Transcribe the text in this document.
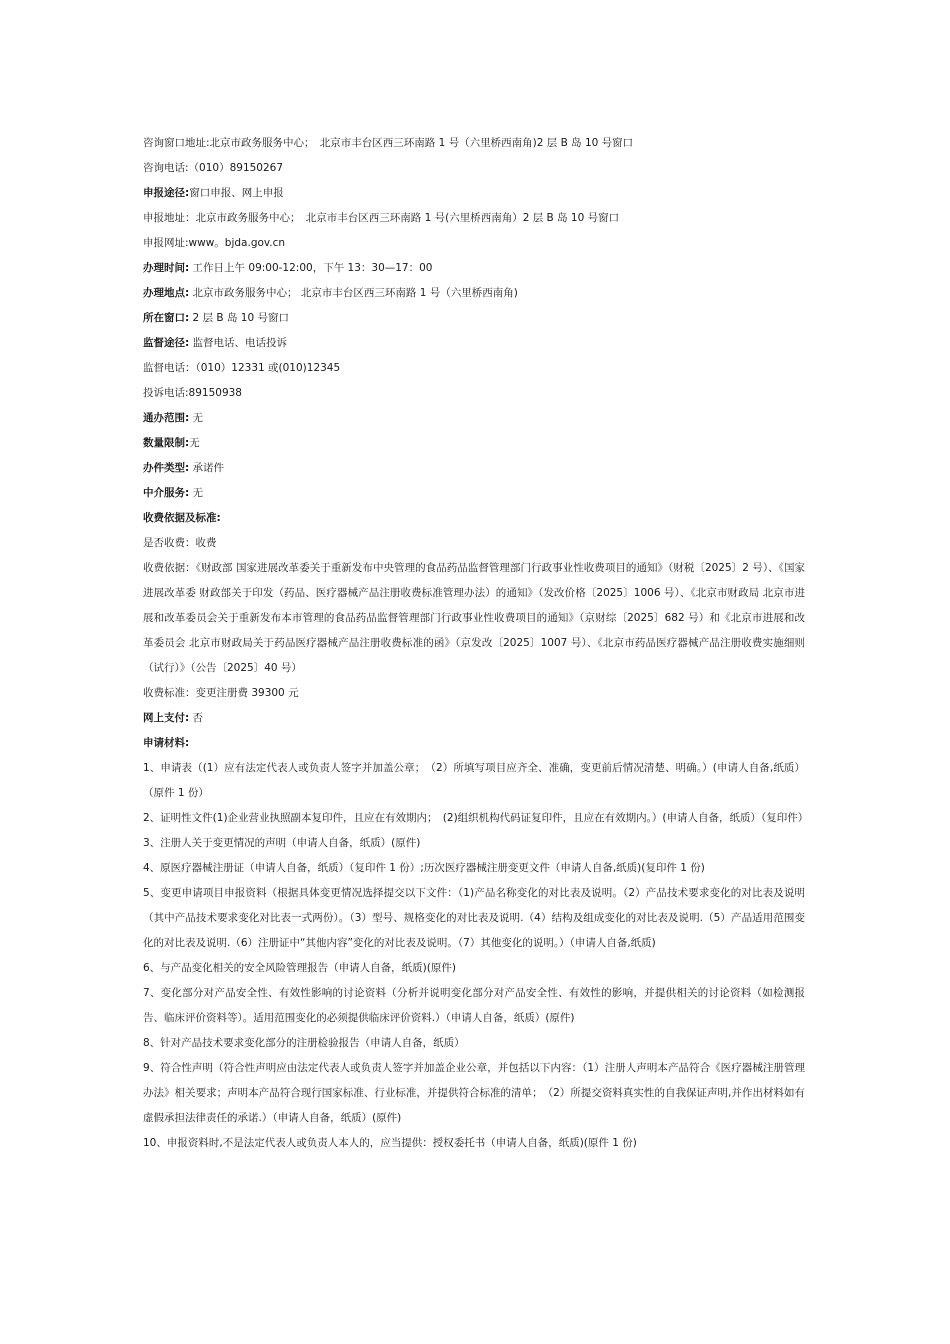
咨询窗口地址:北京市政务服务中心；　北京市丰台区西三环南路 1 号（六里桥西南角)2 层 B 岛 10 号窗口
咨询电话:（010）89150267
申报途径:窗口申报、网上申报
申报地址：北京市政务服务中心；　北京市丰台区西三环南路 1 号(六里桥西南角）2 层 B 岛 10 号窗口
申报网址:www。bjda.gov.cn
办理时间: 工作日上午 09:00-12:00，下午 13：30—17：00
办理地点: 北京市政务服务中心； 北京市丰台区西三环南路 1 号（六里桥西南角)
所在窗口: 2 层 B 岛 10 号窗口
监督途径: 监督电话、电话投诉
监督电话：（010）12331 或(010)12345
投诉电话:89150938
通办范围: 无
数量限制:无
办件类型: 承诺件
中介服务: 无
收费依据及标准:
是否收费：收费
收费依据：《财政部 国家进展改革委关于重新发布中央管理的食品药品监督管理部门行政事业性收费项目的通知》（财税〔2025〕2 号）、《国家进展改革委 财政部关于印发（药品、医疗器械产品注册收费标准管理办法）的通知》（发改价格〔2025〕1006 号）、《北京市财政局 北京市进展和改革委员会关于重新发布本市管理的食品药品监督管理部门行政事业性收费项目的通知》（京财综〔2025〕682 号）和《北京市进展和改革委员会 北京市财政局关于药品医疗器械产品注册收费标准的函》（京发改〔2025〕1007 号）、《北京市药品医疗器械产品注册收费实施细则 （试行）》（公告〔2025〕40 号）
收费标准：变更注册费 39300 元
网上支付: 否
申请材料:
1、申请表（(1）应有法定代表人或负责人签字并加盖公章；　（2）所填写项目应齐全、准确，变更前后情况清楚、明确。）(申请人自备,纸质）（原件 1 份）
2、证明性文件(1)企业营业执照副本复印件，且应在有效期内；　(2)组织机构代码证复印件，且应在有效期内。）(申请人自备，纸质）（复印件）
3、注册人关于变更情况的声明（申请人自备，纸质）(原件)
4、原医疗器械注册证（申请人自备，纸质）（复印件 1 份）;历次医疗器械注册变更文件（申请人自备,纸质)(复印件 1 份)
5、变更申请项目申报资料（根据具体变更情况选择提交以下文件：（1)产品名称变化的对比表及说明。（2）产品技术要求变化的对比表及说明（其中产品技术要求变化对比表一式两份）。（3）型号、规格变化的对比表及说明.（4）结构及组成变化的对比表及说明.（5）产品适用范围变化的对比表及说明.（6）注册证中“其他内容”变化的对比表及说明。（7）其他变化的说明。）（申请人自备,纸质)
6、与产品变化相关的安全风险管理报告（申请人自备，纸质)(原件)
7、变化部分对产品安全性、有效性影响的讨论资料（分析并说明变化部分对产品安全性、有效性的影响，并提供相关的讨论资料（如检测报告、临床评价资料等）。适用范围变化的必须提供临床评价资料.）（申请人自备，纸质）(原件)
8、针对产品技术要求变化部分的注册检验报告（申请人自备，纸质）
9、符合性声明（符合性声明应由法定代表人或负责人签字并加盖企业公章，并包括以下内容：（1）注册人声明本产品符合《医疗器械注册管理办法》相关要求；声明本产品符合现行国家标准、行业标准，并提供符合标准的清单；　（2）所提交资料真实性的自我保证声明,并作出材料如有虚假承担法律责任的承诺.）（申请人自备，纸质）(原件)
10、申报资料时,不是法定代表人或负责人本人的，应当提供：授权委托书（申请人自备，纸质)(原件 1 份)
